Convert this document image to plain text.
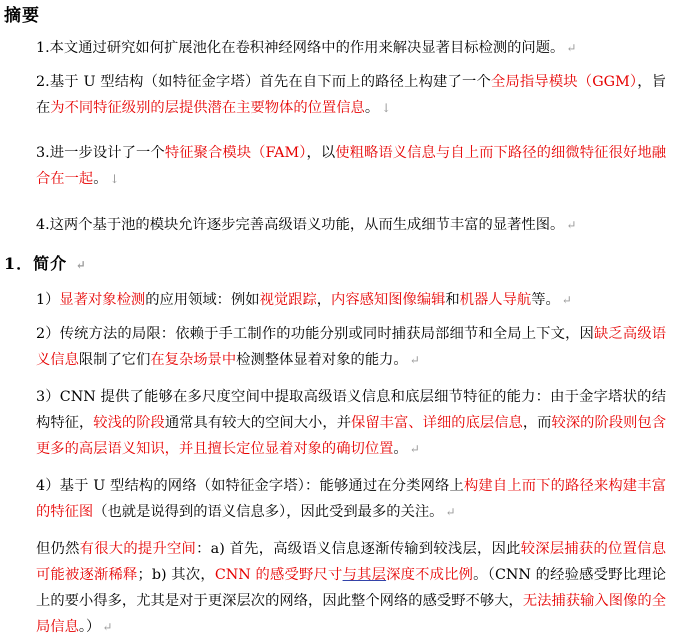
摘要
1.本文通过研究如何扩展池化在卷积神经网络中的作用来解决显著目标检测的问题。 ↵
2.基于 U 型结构（如特征金字塔）首先在自下而上的路径上构建了一个全局指导模块（GGM），旨在为不同特征级别的层提供潜在主要物体的位置信息。 ↓
3.进一步设计了一个特征聚合模块（FAM），以使粗略语义信息与自上而下路径的细微特征很好地融合在一起。 ↓
4.这两个基于池的模块允许逐步完善高级语义功能，从而生成细节丰富的显著性图。 ↵
1．简介 ↵
1）显著对象检测的应用领域：例如视觉跟踪，内容感知图像编辑和机器人导航等。 ↵
2）传统方法的局限：依赖于手工制作的功能分别或同时捕获局部细节和全局上下文，因缺乏高级语义信息限制了它们在复杂场景中检测整体显着对象的能力。 ↵
3）CNN 提供了能够在多尺度空间中提取高级语义信息和底层细节特征的能力：由于金字塔状的结构特征，较浅的阶段通常具有较大的空间大小，并保留丰富、详细的底层信息，而较深的阶段则包含更多的高层语义知识，并且擅长定位显着对象的确切位置。 ↵
4）基于 U 型结构的网络（如特征金字塔）：能够通过在分类网络上构建自上而下的路径来构建丰富的特征图（也就是说得到的语义信息多），因此受到最多的关注。 ↵
但仍然有很大的提升空间：a) 首先，高级语义信息逐渐传输到较浅层，因此较深层捕获的位置信息可能被逐渐稀释；b) 其次，CNN 的感受野尺寸与其层深度不成比例。（CNN 的经验感受野比理论上的要小得多，尤其是对于更深层次的网络，因此整个网络的感受野不够大，无法捕获输入图像的全局信息。） ↵
